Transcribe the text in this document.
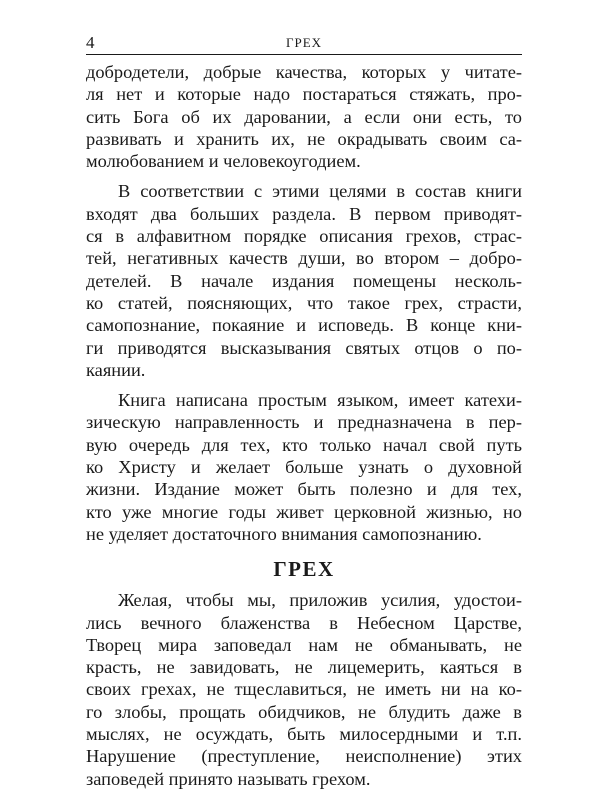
4	ГРЕХ

добродетели, добрые качества, которых у читате-
ля нет и которые надо постараться стяжать, про-
сить Бога об их даровании, а если они есть, то
развивать и хранить их, не окрадывать своим са-
молюбованием и человекоугодием.

В соответствии с этими целями в состав книги
входят два больших раздела. В первом приводят-
ся в алфавитном порядке описания грехов, страс-
тей, негативных качеств души, во втором – добро-
детелей. В начале издания помещены несколь-
ко статей, поясняющих, что такое грех, страсти,
самопознание, покаяние и исповедь. В конце кни-
ги приводятся высказывания святых отцов о по-
каянии.

Книга написана простым языком, имеет катехи-
зическую направленность и предназначена в пер-
вую очередь для тех, кто только начал свой путь
ко Христу и желает больше узнать о духовной
жизни. Издание может быть полезно и для тех,
кто уже многие годы живет церковной жизнью, но
не уделяет достаточного внимания самопознанию.

ГРЕХ

Желая, чтобы мы, приложив усилия, удостои-
лись вечного блаженства в Небесном Царстве,
Творец мира заповедал нам не обманывать, не
красть, не завидовать, не лицемерить, каяться в
своих грехах, не тщеславиться, не иметь ни на ко-
го злобы, прощать обидчиков, не блудить даже в
мыслях, не осуждать, быть милосердными и т.п.
Нарушение (преступление, неисполнение) этих
заповедей принято называть грехом.
